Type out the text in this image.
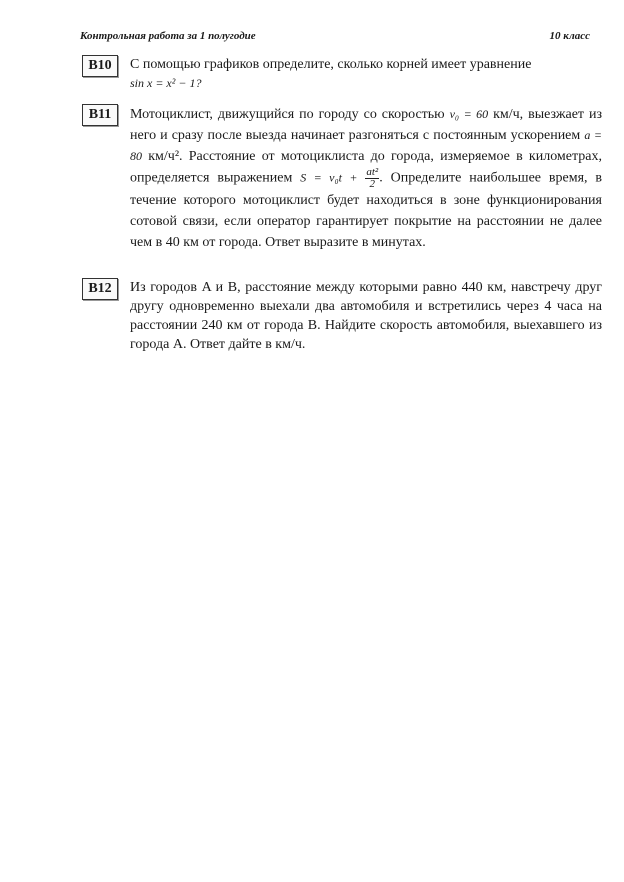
Контрольная работа за 1 полугодие	10 класс
B10	С помощью графиков определите, сколько корней имеет уравнение
sin x = x² − 1?
B11	Мотоциклист, движущийся по городу со скоростью v₀ = 60 км/ч, выезжает из него и сразу после выезда начинает разгоняться с постоянным ускорением a = 80 км/ч². Расстояние от мотоциклиста до города, измеряемое в километрах, определяется выражением $S = v_0t + \frac{\text{at²}}{2}$ . Определите наибольшее время, в течение которого мотоциклист будет находиться в зоне функционирования сотовой связи, если оператор гарантирует покрытие на расстоянии не далее чем в 40 км от города. Ответ выразите в минутах.
B12	Из городов A и B, расстояние между которыми равно 440 км, навстречу друг другу одновременно выехали два автомобиля и встретились через 4 часа на расстоянии 240 км от города B. Найдите скорость автомобиля, выехавшего из города A. Ответ дайте в км/ч.
